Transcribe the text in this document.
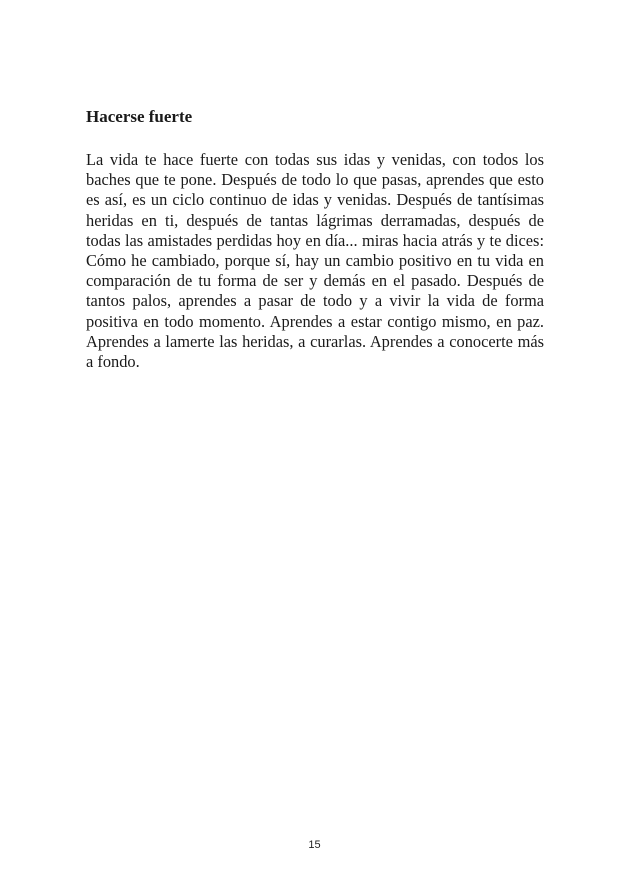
Hacerse fuerte

La vida te hace fuerte con todas sus idas y venidas, con todos los baches que te pone. Después de todo lo que pasas, aprendes que esto es así, es un ciclo continuo de idas y venidas. Después de tantísimas heridas en ti, después de tantas lágrimas derramadas, después de todas las amistades perdidas hoy en día... miras hacia atrás y te dices: Cómo he cambiado, porque sí, hay un cambio positivo en tu vida en comparación de tu forma de ser y demás en el pasado. Después de tantos palos, aprendes a pasar de todo y a vivir la vida de forma positiva en todo momento. Aprendes a estar contigo mismo, en paz. Aprendes a lamerte las heridas, a curarlas. Aprendes a conocerte más a fondo.

15
